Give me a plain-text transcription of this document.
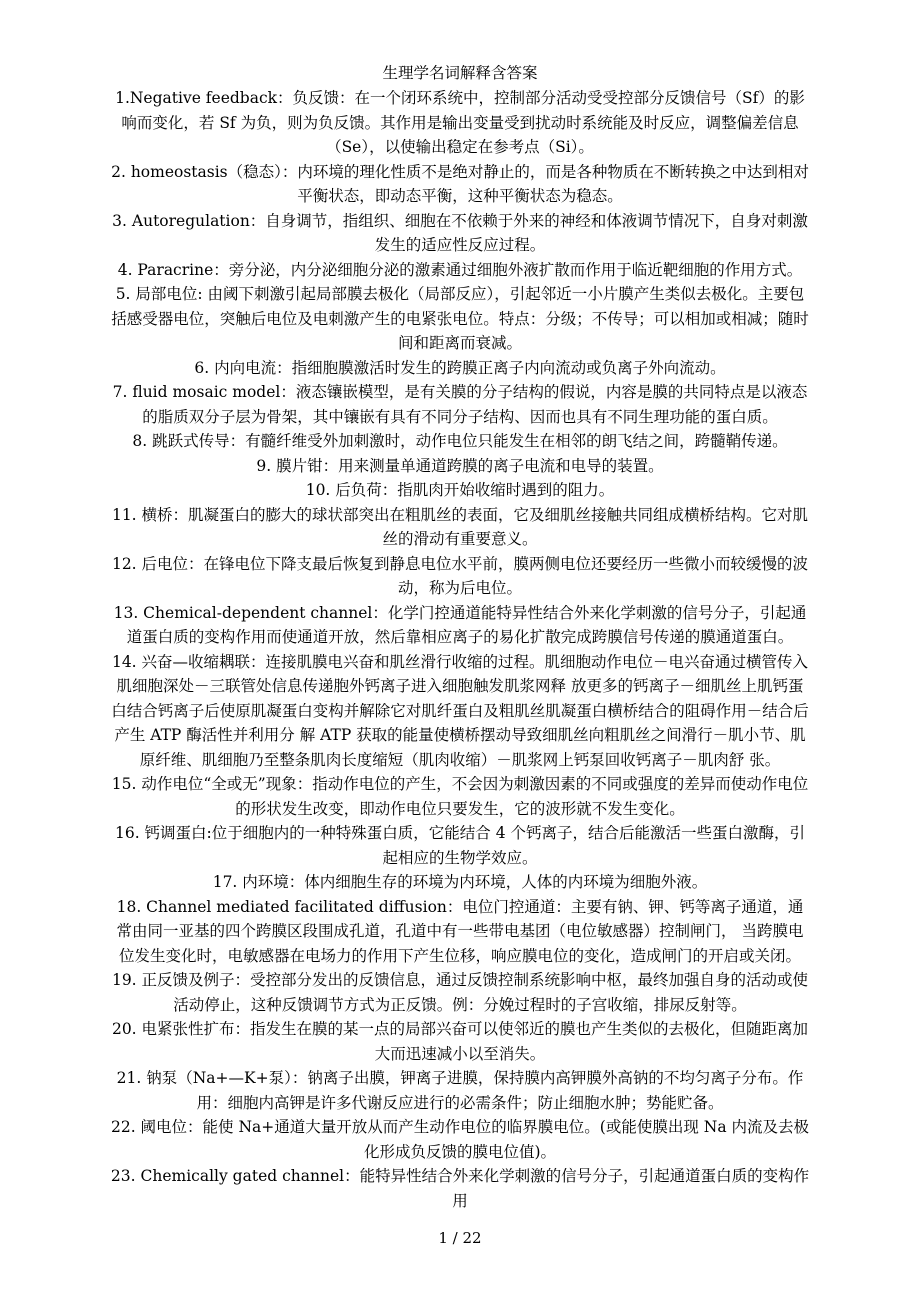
生理学名词解释含答案

1.Negative feedback：负反馈：在一个闭环系统中，控制部分活动受受控部分反馈信号（Sf）的影响而变化，若 Sf 为负，则为负反馈。其作用是输出变量受到扰动时系统能及时反应，调整偏差信息（Se），以使输出稳定在参考点（Si）。

2. homeostasis（稳态）：内环境的理化性质不是绝对静止的，而是各种物质在不断转换之中达到相对平衡状态，即动态平衡，这种平衡状态为稳态。

3. Autoregulation：自身调节，指组织、细胞在不依赖于外来的神经和体液调节情况下，自身对刺激发生的适应性反应过程。

4. Paracrine：旁分泌，内分泌细胞分泌的激素通过细胞外液扩散而作用于临近靶细胞的作用方式。

5. 局部电位: 由阈下刺激引起局部膜去极化（局部反应），引起邻近一小片膜产生类似去极化。主要包括感受器电位，突触后电位及电刺激产生的电紧张电位。特点：分级；不传导；可以相加或相减；随时间和距离而衰减。

6. 内向电流：指细胞膜激活时发生的跨膜正离子内向流动或负离子外向流动。

7. fluid mosaic model：液态镶嵌模型，是有关膜的分子结构的假说，内容是膜的共同特点是以液态的脂质双分子层为骨架，其中镶嵌有具有不同分子结构、因而也具有不同生理功能的蛋白质。

8. 跳跃式传导：有髓纤维受外加刺激时，动作电位只能发生在相邻的朗飞结之间，跨髓鞘传递。

9. 膜片钳：用来测量单通道跨膜的离子电流和电导的装置。

10. 后负荷：指肌肉开始收缩时遇到的阻力。

11. 横桥：肌凝蛋白的膨大的球状部突出在粗肌丝的表面，它及细肌丝接触共同组成横桥结构。它对肌丝的滑动有重要意义。

12. 后电位：在锋电位下降支最后恢复到静息电位水平前，膜两侧电位还要经历一些微小而较缓慢的波动，称为后电位。

13. Chemical-dependent channel：化学门控通道能特异性结合外来化学刺激的信号分子，引起通道蛋白质的变构作用而使通道开放，然后靠相应离子的易化扩散完成跨膜信号传递的膜通道蛋白。

14. 兴奋—收缩耦联：连接肌膜电兴奋和肌丝滑行收缩的过程。肌细胞动作电位－电兴奋通过横管传入肌细胞深处－三联管处信息传递胞外钙离子进入细胞触发肌浆网释 放更多的钙离子－细肌丝上肌钙蛋白结合钙离子后使原肌凝蛋白变构并解除它对肌纤蛋白及粗肌丝肌凝蛋白横桥结合的阻碍作用－结合后产生 ATP 酶活性并利用分 解 ATP 获取的能量使横桥摆动导致细肌丝向粗肌丝之间滑行－肌小节、肌原纤维、肌细胞乃至整条肌肉长度缩短（肌肉收缩）－肌浆网上钙泵回收钙离子－肌肉舒 张。

15. 动作电位“全或无”现象：指动作电位的产生，不会因为刺激因素的不同或强度的差异而使动作电位的形状发生改变，即动作电位只要发生，它的波形就不发生变化。

16. 钙调蛋白:位于细胞内的一种特殊蛋白质，它能结合 4 个钙离子，结合后能激活一些蛋白激酶，引起相应的生物学效应。

17. 内环境：体内细胞生存的环境为内环境，人体的内环境为细胞外液。

18. Channel mediated facilitated diffusion：电位门控通道：主要有钠、钾、钙等离子通道，通常由同一亚基的四个跨膜区段围成孔道，孔道中有一些带电基团（电位敏感器）控制闸门， 当跨膜电位发生变化时，电敏感器在电场力的作用下产生位移，响应膜电位的变化，造成闸门的开启或关闭。

19. 正反馈及例子：受控部分发出的反馈信息，通过反馈控制系统影响中枢，最终加强自身的活动或使活动停止，这种反馈调节方式为正反馈。例：分娩过程时的子宫收缩，排尿反射等。

20. 电紧张性扩布：指发生在膜的某一点的局部兴奋可以使邻近的膜也产生类似的去极化，但随距离加大而迅速减小以至消失。

21. 钠泵（Na+—K+泵）：钠离子出膜，钾离子进膜，保持膜内高钾膜外高钠的不均匀离子分布。作用：细胞内高钾是许多代谢反应进行的必需条件；防止细胞水肿；势能贮备。

22. 阈电位：能使 Na+通道大量开放从而产生动作电位的临界膜电位。(或能使膜出现 Na 内流及去极化形成负反馈的膜电位值)。

23. Chemically gated channel：能特异性结合外来化学刺激的信号分子，引起通道蛋白质的变构作用

1 / 22
